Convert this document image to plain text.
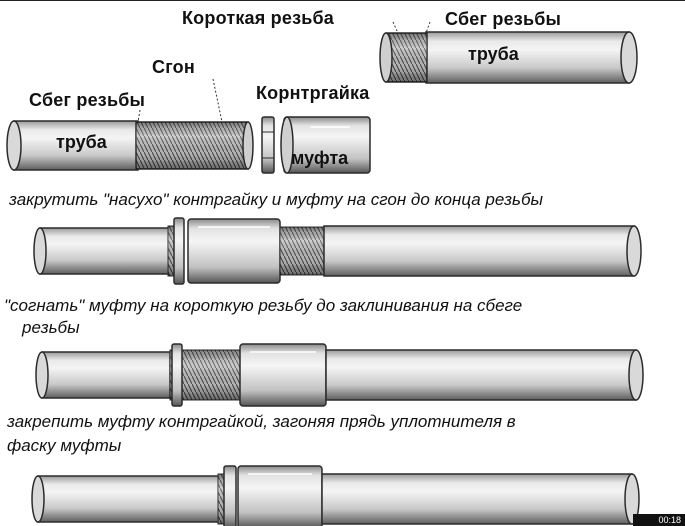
Короткая резьба	Сбег резьбы
Сгон
Сбег резьбы	Корнтргайка
труба
труба
муфта
закрутить "насухо" контргайку и муфту на сгон до конца резьбы
"согнать" муфту на короткую резьбу до заклинивания на сбеге
резьбы
закрепить муфту контргайкой, загоняя прядь уплотнителя в
фаску муфты
00:18
